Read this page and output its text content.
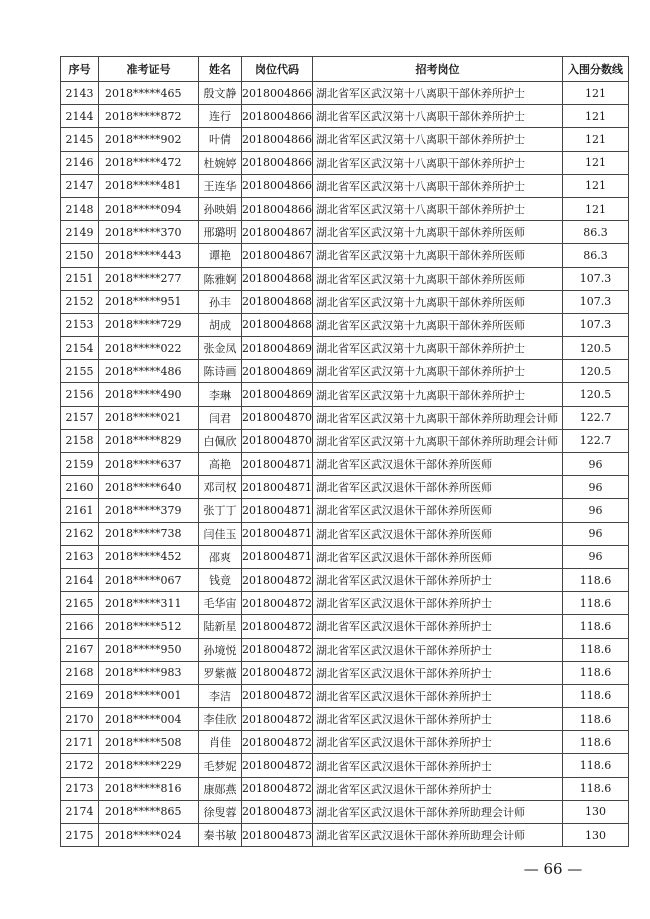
序号	准考证号	姓名	岗位代码	招考岗位	入围分数线
2143	2018*****465	殷文静	2018004866	湖北省军区武汉第十八离职干部休养所护士	121
2144	2018*****872	连行	2018004866	湖北省军区武汉第十八离职干部休养所护士	121
2145	2018*****902	叶倩	2018004866	湖北省军区武汉第十八离职干部休养所护士	121
2146	2018*****472	杜婉婷	2018004866	湖北省军区武汉第十八离职干部休养所护士	121
2147	2018*****481	王连华	2018004866	湖北省军区武汉第十八离职干部休养所护士	121
2148	2018*****094	孙映娟	2018004866	湖北省军区武汉第十八离职干部休养所护士	121
2149	2018*****370	邢璐明	2018004867	湖北省军区武汉第十九离职干部休养所医师	86.3
2150	2018*****443	谭艳	2018004867	湖北省军区武汉第十九离职干部休养所医师	86.3
2151	2018*****277	陈雅婀	2018004868	湖北省军区武汉第十九离职干部休养所医师	107.3
2152	2018*****951	孙丰	2018004868	湖北省军区武汉第十九离职干部休养所医师	107.3
2153	2018*****729	胡成	2018004868	湖北省军区武汉第十九离职干部休养所医师	107.3
2154	2018*****022	张金凤	2018004869	湖北省军区武汉第十九离职干部休养所护士	120.5
2155	2018*****486	陈诗画	2018004869	湖北省军区武汉第十九离职干部休养所护士	120.5
2156	2018*****490	李琳	2018004869	湖北省军区武汉第十九离职干部休养所护士	120.5
2157	2018*****021	闫君	2018004870	湖北省军区武汉第十九离职干部休养所助理会计师	122.7
2158	2018*****829	白佩欣	2018004870	湖北省军区武汉第十九离职干部休养所助理会计师	122.7
2159	2018*****637	高艳	2018004871	湖北省军区武汉退休干部休养所医师	96
2160	2018*****640	邓司权	2018004871	湖北省军区武汉退休干部休养所医师	96
2161	2018*****379	张丁丁	2018004871	湖北省军区武汉退休干部休养所医师	96
2162	2018*****738	闫佳玉	2018004871	湖北省军区武汉退休干部休养所医师	96
2163	2018*****452	邵爽	2018004871	湖北省军区武汉退休干部休养所医师	96
2164	2018*****067	钱竟	2018004872	湖北省军区武汉退休干部休养所护士	118.6
2165	2018*****311	毛华宙	2018004872	湖北省军区武汉退休干部休养所护士	118.6
2166	2018*****512	陆新星	2018004872	湖北省军区武汉退休干部休养所护士	118.6
2167	2018*****950	孙境悦	2018004872	湖北省军区武汉退休干部休养所护士	118.6
2168	2018*****983	罗紫薇	2018004872	湖北省军区武汉退休干部休养所护士	118.6
2169	2018*****001	李洁	2018004872	湖北省军区武汉退休干部休养所护士	118.6
2170	2018*****004	李佳欣	2018004872	湖北省军区武汉退休干部休养所护士	118.6
2171	2018*****508	肖佳	2018004872	湖北省军区武汉退休干部休养所护士	118.6
2172	2018*****229	毛梦妮	2018004872	湖北省军区武汉退休干部休养所护士	118.6
2173	2018*****816	康郧燕	2018004872	湖北省军区武汉退休干部休养所护士	118.6
2174	2018*****865	徐叟蓉	2018004873	湖北省军区武汉退休干部休养所助理会计师	130
2175	2018*****024	秦书敏	2018004873	湖北省军区武汉退休干部休养所助理会计师	130
— 66 —
